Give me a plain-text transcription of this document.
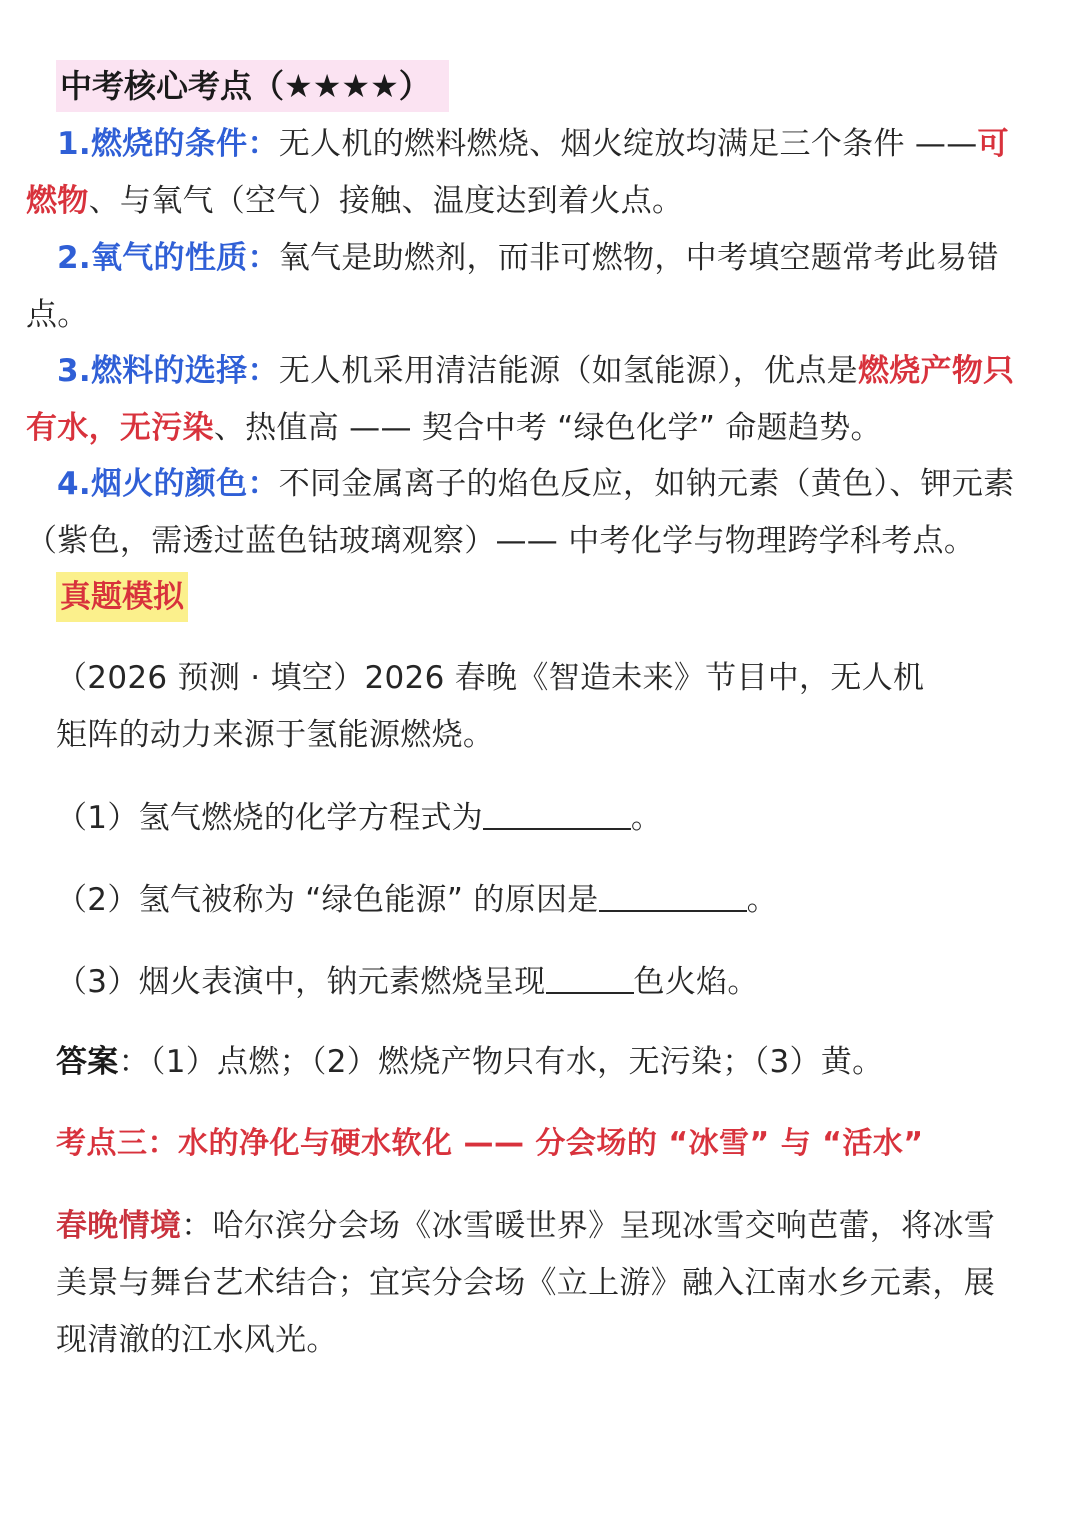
中考核心考点（★★★★）
1.燃烧的条件：无人机的燃料燃烧、烟火绽放均满足三个条件 ——可燃物、与氧气（空气）接触、温度达到着火点。
2.氧气的性质：氧气是助燃剂，而非可燃物，中考填空题常考此易错点。
3.燃料的选择：无人机采用清洁能源（如氢能源），优点是燃烧产物只有水，无污染、热值高 —— 契合中考 “绿色化学” 命题趋势。
4.烟火的颜色：不同金属离子的焰色反应，如钠元素（黄色）、钾元素（紫色，需透过蓝色钴玻璃观察）—— 中考化学与物理跨学科考点。
真题模拟
（2026 预测 · 填空）2026 春晚《智造未来》节目中，无人机
矩阵的动力来源于氢能源燃烧。
（1）氢气燃烧的化学方程式为	。
（2）氢气被称为 “绿色能源” 的原因是	。
（3）烟火表演中，钠元素燃烧呈现	色火焰。
答案：（1）点燃；（2）燃烧产物只有水，无污染；（3）黄。
考点三：水的净化与硬水软化 —— 分会场的 “冰雪” 与 “活水”
春晚情境：哈尔滨分会场《冰雪暖世界》呈现冰雪交响芭蕾，将冰雪美景与舞台艺术结合；宜宾分会场《立上游》融入江南水乡元素，展现清澈的江水风光。
